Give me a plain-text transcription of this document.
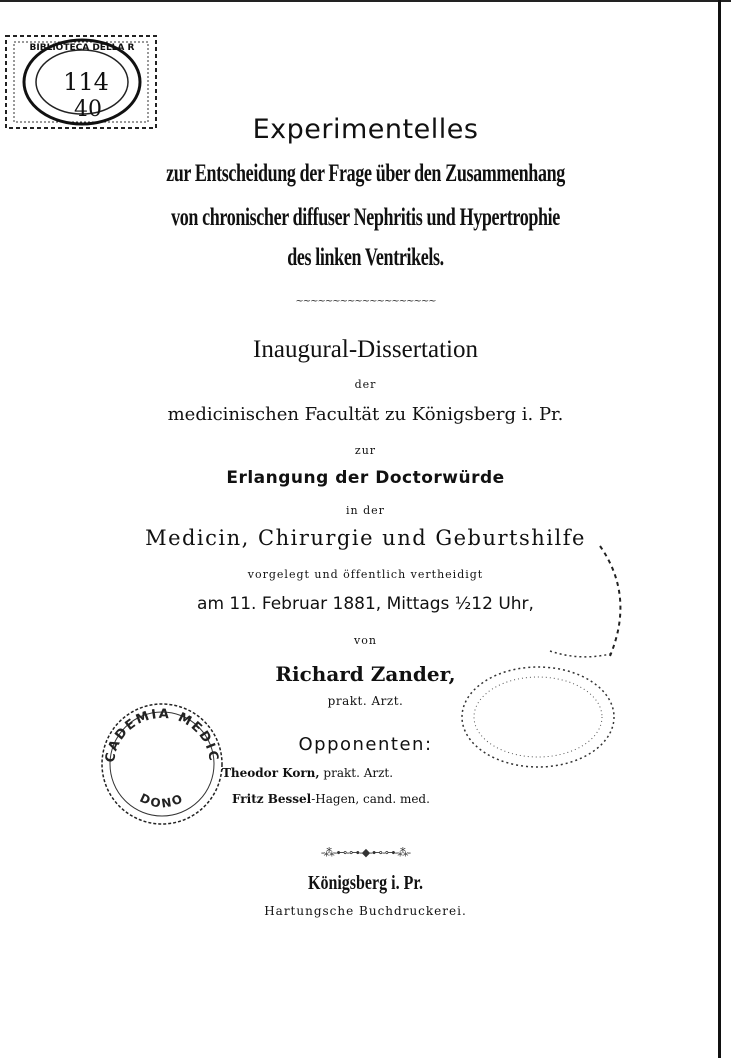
BIBLIOTECA DELLA R
114
40
Experimentelles
zur Entscheidung der Frage über den Zusammenhang
von chronischer diffuser Nephritis und Hypertrophie
des linken Ventrikels.
~~~~~~~~~~~~~~~~~~~
Inaugural-Dissertation
der
medicinischen Facultät zu Königsberg i. Pr.
zur
Erlangung der Doctorwürde
in der
Medicin, Chirurgie und Geburtshilfe
vorgelegt und öffentlich vertheidigt
am 11. Februar 1881, Mittags ½12 Uhr,
von
Richard Zander,
prakt. Arzt.
Opponenten:
Theodor Korn, prakt. Arzt.
Fritz Bessel-Hagen, cand. med.
ACADEMIA MEDICA
DONO
-⁂-⊷-⊶-◆-⊷-⊶-⁂-
Königsberg i. Pr.
Hartungsche Buchdruckerei.
